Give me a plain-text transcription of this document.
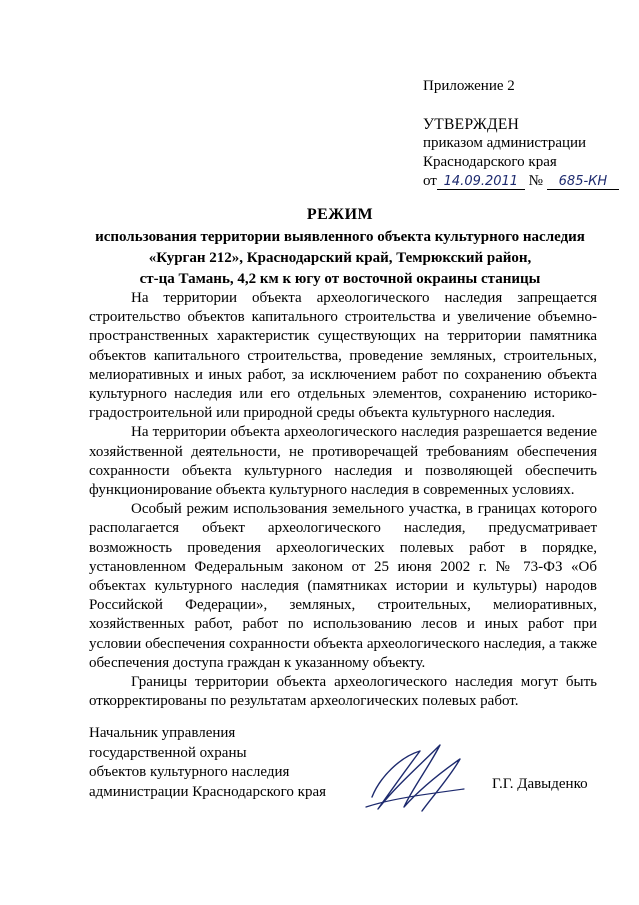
Приложение 2
УТВЕРЖДЕН
приказом администрации
Краснодарского края
от 14.09.2011 № 685-КН
РЕЖИМ
использования территории выявленного объекта культурного наследия
«Курган 212», Краснодарский край, Темрюкский район,
ст-ца Тамань, 4,2 км к югу от восточной окраины станицы

На территории объекта археологического наследия запрещается строительство объектов капитального строительства и увеличение объемно-пространственных характеристик существующих на территории памятника объектов капитального строительства, проведение земляных, строительных, мелиоративных и иных работ, за исключением работ по сохранению объекта культурного наследия или его отдельных элементов, сохранению историко-градостроительной или природной среды объекта культурного наследия.

На территории объекта археологического наследия разрешается ведение хозяйственной деятельности, не противоречащей требованиям обеспечения сохранности объекта культурного наследия и позволяющей обеспечить функционирование объекта культурного наследия в современных условиях.

Особый режим использования земельного участка, в границах которого располагается объект археологического наследия, предусматривает возможность проведения археологических полевых работ в порядке, установленном Федеральным законом от 25 июня 2002 г. № 73-ФЗ «Об объектах культурного наследия (памятниках истории и культуры) народов Российской Федерации», земляных, строительных, мелиоративных, хозяйственных работ, работ по использованию лесов и иных работ при условии обеспечения сохранности объекта археологического наследия, а также обеспечения доступа граждан к указанному объекту.

Границы территории объекта археологического наследия могут быть откорректированы по результатам археологических полевых работ.

Начальник управления
государственной охраны
объектов культурного наследия
администрации Краснодарского края	Г.Г. Давыденко
